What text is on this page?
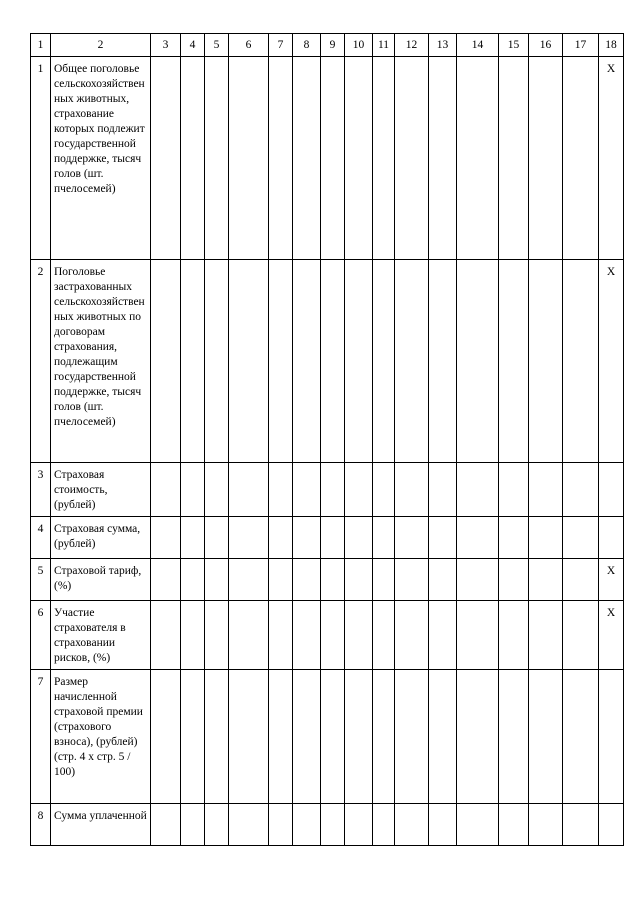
1	2	3	4	5	6	7	8	9	10	11	12	13	14	15	16	17	18
1	Общее поголовье сельскохозяйственных животных, страхование которых подлежит государственной поддержке, тысяч голов (шт. пчелосемей)																X
2	Поголовье застрахованных сельскохозяйственных животных по договорам страхования, подлежащим государственной поддержке, тысяч голов (шт. пчелосемей)																X
3	Страховая стоимость, (рублей)																
4	Страховая сумма, (рублей)																
5	Страховой тариф, (%)																X
6	Участие страхователя в страховании рисков, (%)																X
7	Размер начисленной страховой премии (страхового взноса), (рублей) (стр. 4 х стр. 5 / 100)																
8	Сумма уплаченной																
